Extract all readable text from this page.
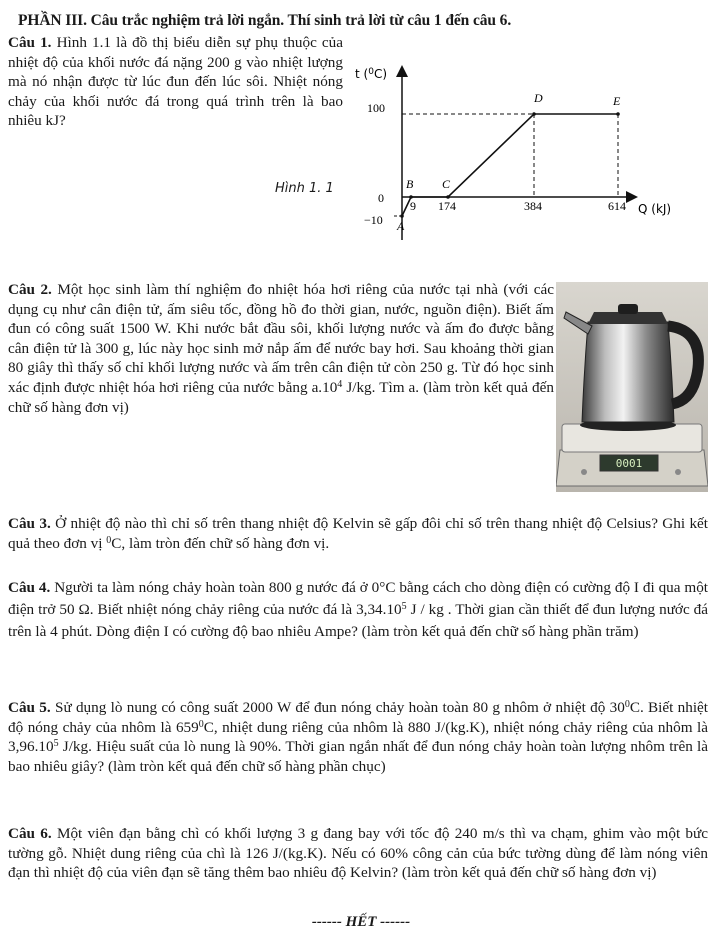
PHẦN III. Câu trắc nghiệm trả lời ngắn. Thí sinh trả lời từ câu 1 đến câu 6.
Câu 1. Hình 1.1 là đồ thị biểu diễn sự phụ thuộc của nhiệt độ của khối nước đá nặng 200 g vào nhiệt lượng mà nó nhận được từ lúc đun đến lúc sôi. Nhiệt nóng chảy của khối nước đá trong quá trình trên là bao nhiêu kJ?
Hình 1. 1
t ($^0$C)
Q (kJ)
100
0
−10
9 174	384	614
A
B C
D	E
Câu 2. Một học sinh làm thí nghiệm đo nhiệt hóa hơi riêng của nước tại nhà (với các dụng cụ như cân điện tử, ấm siêu tốc, đồng hồ đo thời gian, nước, nguồn điện). Biết ấm đun có công suất 1500 W. Khi nước bắt đầu sôi, khối lượng nước và ấm đo được bằng cân điện tử là 300 g, lúc này học sinh mở nắp ấm để nước bay hơi. Sau khoảng thời gian 80 giây thì thấy số chỉ khối lượng nước và ấm trên cân điện tử còn 250 g. Từ đó học sinh xác định được nhiệt hóa hơi riêng của nước bằng $a.10^4$ J/kg. Tìm a. (làm tròn kết quả đến chữ số hàng đơn vị)
0001
Câu 3. Ở nhiệt độ nào thì chỉ số trên thang nhiệt độ Kelvin sẽ gấp đôi chỉ số trên thang nhiệt độ Celsius? Ghi kết quả theo đơn vị $^0$C, làm tròn đến chữ số hàng đơn vị.
Câu 4. Người ta làm nóng chảy hoàn toàn 800 g nước đá ở 0°C bằng cách cho dòng điện có cường độ I đi qua một điện trở 50 Ω. Biết nhiệt nóng chảy riêng của nước đá là 3,34.10$^5$ J / kg . Thời gian cần thiết để đun lượng nước đá trên là 4 phút. Dòng điện I có cường độ bao nhiêu Ampe? (làm tròn kết quả đến chữ số hàng phần trăm)
Câu 5. Sử dụng lò nung có công suất 2000 W để đun nóng chảy hoàn toàn 80 g nhôm ở nhiệt độ $30^0C$. Biết nhiệt độ nóng chảy của nhôm là $659^0C$, nhiệt dung riêng của nhôm là 880 J/(kg.K), nhiệt nóng chảy riêng của nhôm là 3,96.10$^5$ J/kg. Hiệu suất của lò nung là 90%. Thời gian ngắn nhất để đun nóng chảy hoàn toàn lượng nhôm trên là bao nhiêu giây? (làm tròn kết quả đến chữ số hàng phần chục)
Câu 6. Một viên đạn bằng chì có khối lượng 3 g đang bay với tốc độ 240 m/s thì va chạm, ghim vào một bức tường gỗ. Nhiệt dung riêng của chì là 126 J/(kg.K). Nếu có 60% công cản của bức tường dùng để làm nóng viên đạn thì nhiệt độ của viên đạn sẽ tăng thêm bao nhiêu độ Kelvin? (làm tròn kết quả đến chữ số hàng đơn vị)
------ HẾT ------
